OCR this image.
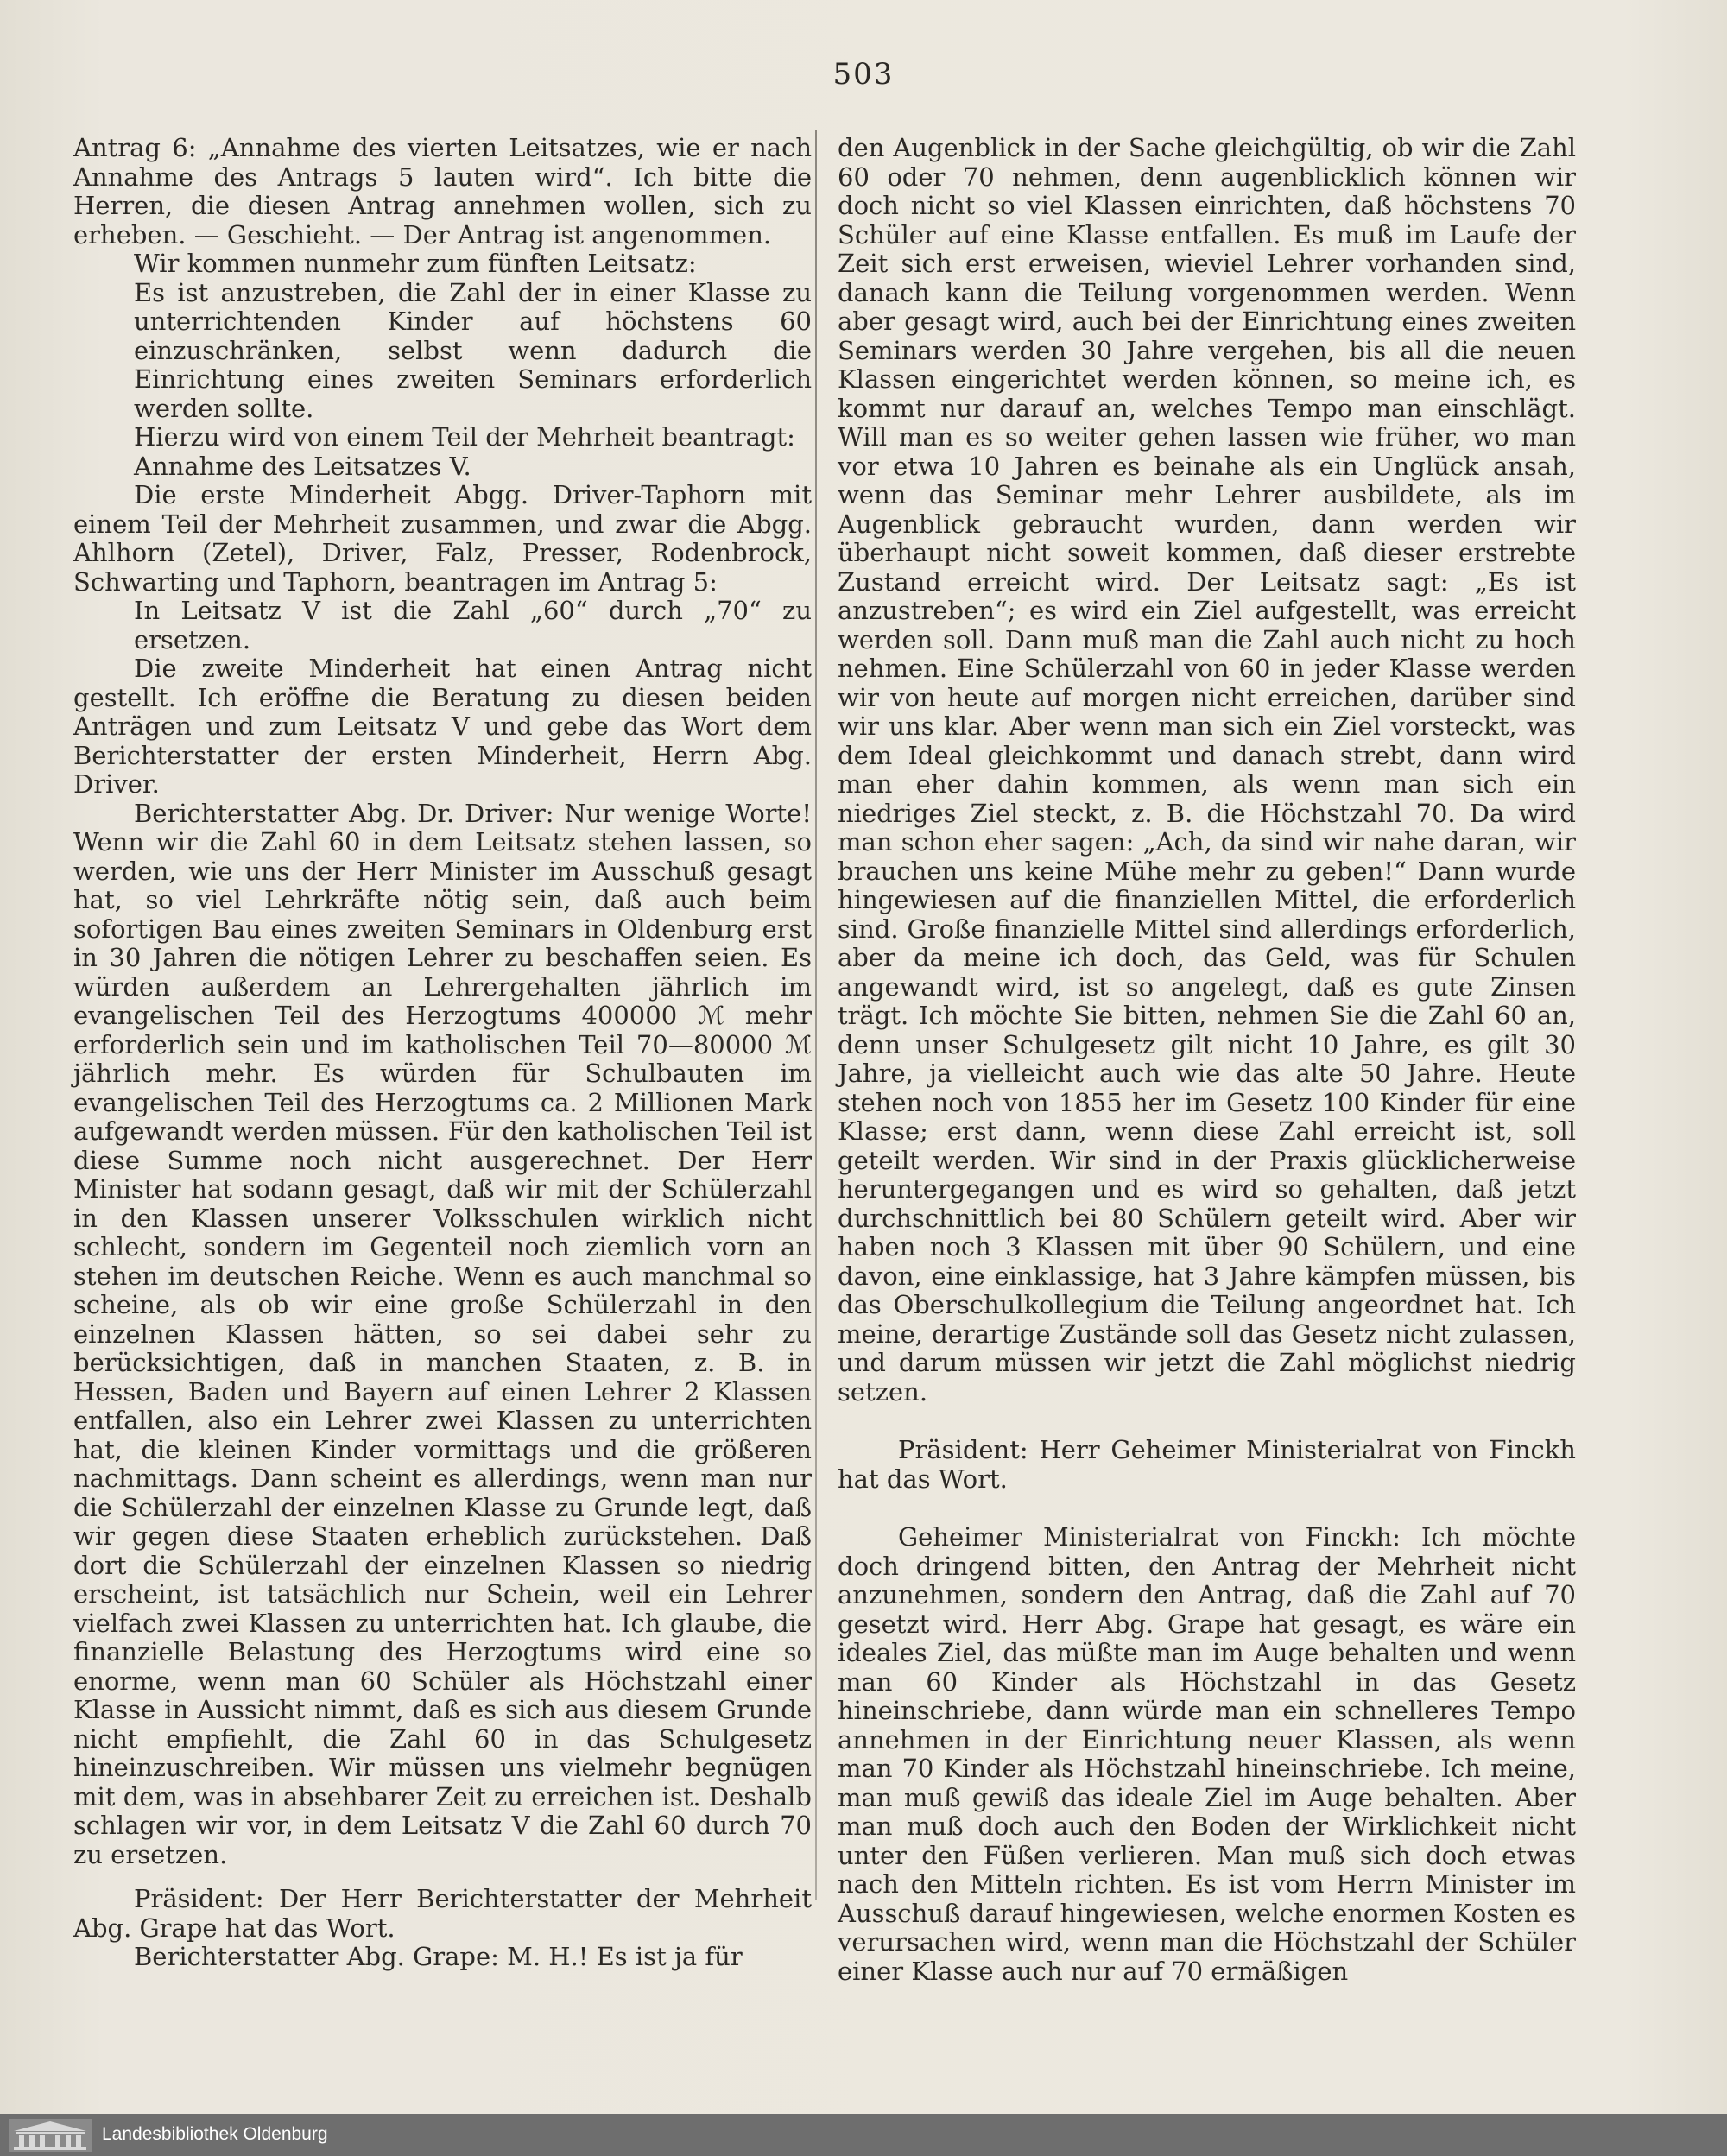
503

Antrag 6: „Annahme des vierten Leitsatzes, wie er nach Annahme des Antrags 5 lauten wird“. Ich bitte die Herren, die diesen Antrag annehmen wollen, sich zu erheben. — Geschieht. — Der Antrag ist angenommen.

Wir kommen nunmehr zum fünften Leitsatz:

Es ist anzustreben, die Zahl der in einer Klasse zu unterrichtenden Kinder auf höchstens 60 einzuschränken, selbst wenn dadurch die Einrichtung eines zweiten Seminars erforderlich werden sollte.

Hierzu wird von einem Teil der Mehrheit beantragt:

Annahme des Leitsatzes V.

Die erste Minderheit Abgg. Driver-Taphorn mit einem Teil der Mehrheit zusammen, und zwar die Abgg. Ahlhorn (Zetel), Driver, Falz, Presser, Rodenbrock, Schwarting und Taphorn, beantragen im Antrag 5:

In Leitsatz V ist die Zahl „60“ durch „70“ zu ersetzen.

Die zweite Minderheit hat einen Antrag nicht gestellt. Ich eröffne die Beratung zu diesen beiden Anträgen und zum Leitsatz V und gebe das Wort dem Berichterstatter der ersten Minderheit, Herrn Abg. Driver.

Berichterstatter Abg. Dr. Driver: Nur wenige Worte! Wenn wir die Zahl 60 in dem Leitsatz stehen lassen, so werden, wie uns der Herr Minister im Ausschuß gesagt hat, so viel Lehrkräfte nötig sein, daß auch beim sofortigen Bau eines zweiten Seminars in Oldenburg erst in 30 Jahren die nötigen Lehrer zu beschaffen seien. Es würden außerdem an Lehrergehalten jährlich im evangelischen Teil des Herzogtums 400000 ℳ mehr erforderlich sein und im katholischen Teil 70—80000 ℳ jährlich mehr. Es würden für Schulbauten im evangelischen Teil des Herzogtums ca. 2 Millionen Mark aufgewandt werden müssen. Für den katholischen Teil ist diese Summe noch nicht ausgerechnet. Der Herr Minister hat sodann gesagt, daß wir mit der Schülerzahl in den Klassen unserer Volksschulen wirklich nicht schlecht, sondern im Gegenteil noch ziemlich vorn an stehen im deutschen Reiche. Wenn es auch manchmal so scheine, als ob wir eine große Schülerzahl in den einzelnen Klassen hätten, so sei dabei sehr zu berücksichtigen, daß in manchen Staaten, z. B. in Hessen, Baden und Bayern auf einen Lehrer 2 Klassen entfallen, also ein Lehrer zwei Klassen zu unterrichten hat, die kleinen Kinder vormittags und die größeren nachmittags. Dann scheint es allerdings, wenn man nur die Schülerzahl der einzelnen Klasse zu Grunde legt, daß wir gegen diese Staaten erheblich zurückstehen. Daß dort die Schülerzahl der einzelnen Klassen so niedrig erscheint, ist tatsächlich nur Schein, weil ein Lehrer vielfach zwei Klassen zu unterrichten hat. Ich glaube, die finanzielle Belastung des Herzogtums wird eine so enorme, wenn man 60 Schüler als Höchstzahl einer Klasse in Aussicht nimmt, daß es sich aus diesem Grunde nicht empfiehlt, die Zahl 60 in das Schulgesetz hineinzuschreiben. Wir müssen uns vielmehr begnügen mit dem, was in absehbarer Zeit zu erreichen ist. Deshalb schlagen wir vor, in dem Leitsatz V die Zahl 60 durch 70 zu ersetzen.

Präsident: Der Herr Berichterstatter der Mehrheit Abg. Grape hat das Wort.

Berichterstatter Abg. Grape: M. H.! Es ist ja für

den Augenblick in der Sache gleichgültig, ob wir die Zahl 60 oder 70 nehmen, denn augenblicklich können wir doch nicht so viel Klassen einrichten, daß höchstens 70 Schüler auf eine Klasse entfallen. Es muß im Laufe der Zeit sich erst erweisen, wieviel Lehrer vorhanden sind, danach kann die Teilung vorgenommen werden. Wenn aber gesagt wird, auch bei der Einrichtung eines zweiten Seminars werden 30 Jahre vergehen, bis all die neuen Klassen eingerichtet werden können, so meine ich, es kommt nur darauf an, welches Tempo man einschlägt. Will man es so weiter gehen lassen wie früher, wo man vor etwa 10 Jahren es beinahe als ein Unglück ansah, wenn das Seminar mehr Lehrer ausbildete, als im Augenblick gebraucht wurden, dann werden wir überhaupt nicht soweit kommen, daß dieser erstrebte Zustand erreicht wird. Der Leitsatz sagt: „Es ist anzustreben“; es wird ein Ziel aufgestellt, was erreicht werden soll. Dann muß man die Zahl auch nicht zu hoch nehmen. Eine Schülerzahl von 60 in jeder Klasse werden wir von heute auf morgen nicht erreichen, darüber sind wir uns klar. Aber wenn man sich ein Ziel vorsteckt, was dem Ideal gleichkommt und danach strebt, dann wird man eher dahin kommen, als wenn man sich ein niedriges Ziel steckt, z. B. die Höchstzahl 70. Da wird man schon eher sagen: „Ach, da sind wir nahe daran, wir brauchen uns keine Mühe mehr zu geben!“ Dann wurde hingewiesen auf die finanziellen Mittel, die erforderlich sind. Große finanzielle Mittel sind allerdings erforderlich, aber da meine ich doch, das Geld, was für Schulen angewandt wird, ist so angelegt, daß es gute Zinsen trägt. Ich möchte Sie bitten, nehmen Sie die Zahl 60 an, denn unser Schulgesetz gilt nicht 10 Jahre, es gilt 30 Jahre, ja vielleicht auch wie das alte 50 Jahre. Heute stehen noch von 1855 her im Gesetz 100 Kinder für eine Klasse; erst dann, wenn diese Zahl erreicht ist, soll geteilt werden. Wir sind in der Praxis glücklicherweise heruntergegangen und es wird so gehalten, daß jetzt durchschnittlich bei 80 Schülern geteilt wird. Aber wir haben noch 3 Klassen mit über 90 Schülern, und eine davon, eine einklassige, hat 3 Jahre kämpfen müssen, bis das Oberschulkollegium die Teilung angeordnet hat. Ich meine, derartige Zustände soll das Gesetz nicht zulassen, und darum müssen wir jetzt die Zahl möglichst niedrig setzen.

Präsident: Herr Geheimer Ministerialrat von Finckh hat das Wort.

Geheimer Ministerialrat von Finckh: Ich möchte doch dringend bitten, den Antrag der Mehrheit nicht anzunehmen, sondern den Antrag, daß die Zahl auf 70 gesetzt wird. Herr Abg. Grape hat gesagt, es wäre ein ideales Ziel, das müßte man im Auge behalten und wenn man 60 Kinder als Höchstzahl in das Gesetz hineinschriebe, dann würde man ein schnelleres Tempo annehmen in der Einrichtung neuer Klassen, als wenn man 70 Kinder als Höchstzahl hineinschriebe. Ich meine, man muß gewiß das ideale Ziel im Auge behalten. Aber man muß doch auch den Boden der Wirklichkeit nicht unter den Füßen verlieren. Man muß sich doch etwas nach den Mitteln richten. Es ist vom Herrn Minister im Ausschuß darauf hingewiesen, welche enormen Kosten es verursachen wird, wenn man die Höchstzahl der Schüler einer Klasse auch nur auf 70 ermäßigen

Landesbibliothek Oldenburg
